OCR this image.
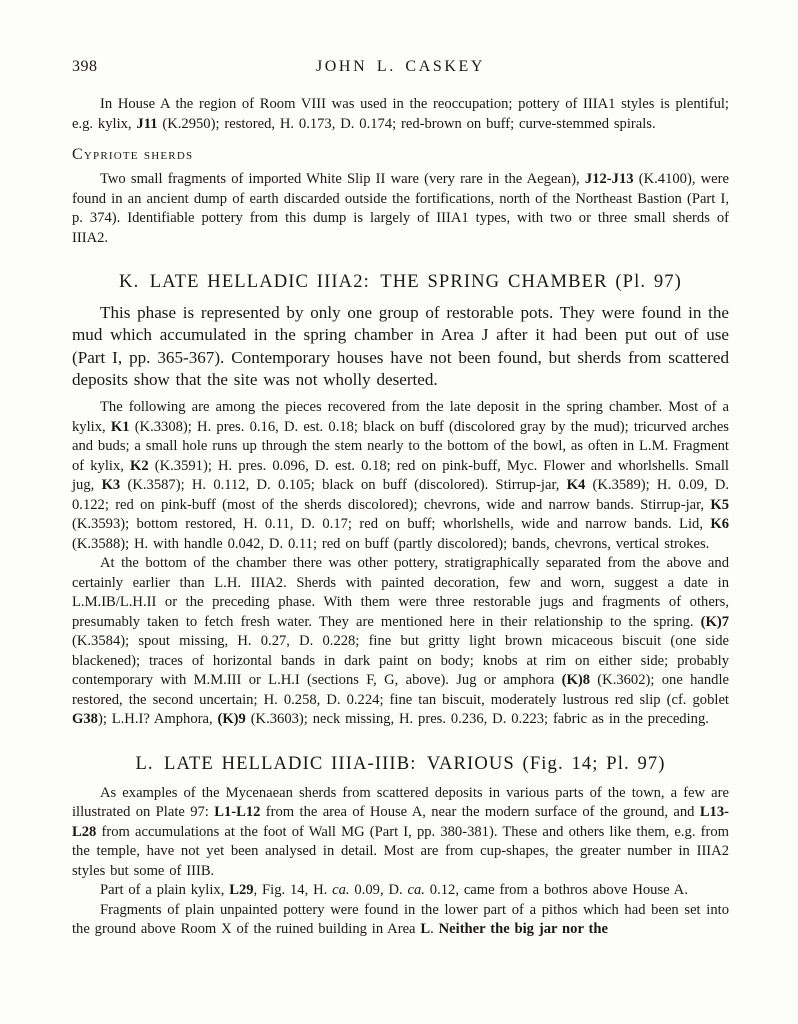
398	JOHN L. CASKEY

In House A the region of Room VIII was used in the reoccupation; pottery of IIIA1 styles is plentiful; e.g. kylix, J11 (K.2950); restored, H. 0.173, D. 0.174; red-brown on buff; curve-stemmed spirals.

Cypriote sherds

Two small fragments of imported White Slip II ware (very rare in the Aegean), J12-J13 (K.4100), were found in an ancient dump of earth discarded outside the fortifications, north of the Northeast Bastion (Part I, p. 374). Identifiable pottery from this dump is largely of IIIA1 types, with two or three small sherds of IIIA2.

K. LATE HELLADIC IIIA2: THE SPRING CHAMBER (Pl. 97)

This phase is represented by only one group of restorable pots. They were found in the mud which accumulated in the spring chamber in Area J after it had been put out of use (Part I, pp. 365-367). Contemporary houses have not been found, but sherds from scattered deposits show that the site was not wholly deserted.

The following are among the pieces recovered from the late deposit in the spring chamber. Most of a kylix, K1 (K.3308); H. pres. 0.16, D. est. 0.18; black on buff (discolored gray by the mud); tricurved arches and buds; a small hole runs up through the stem nearly to the bottom of the bowl, as often in L.M. Fragment of kylix, K2 (K.3591); H. pres. 0.096, D. est. 0.18; red on pink-buff, Myc. Flower and whorlshells. Small jug, K3 (K.3587); H. 0.112, D. 0.105; black on buff (discolored). Stirrup-jar, K4 (K.3589); H. 0.09, D. 0.122; red on pink-buff (most of the sherds discolored); chevrons, wide and narrow bands. Stirrup-jar, K5 (K.3593); bottom restored, H. 0.11, D. 0.17; red on buff; whorlshells, wide and narrow bands. Lid, K6 (K.3588); H. with handle 0.042, D. 0.11; red on buff (partly discolored); bands, chevrons, vertical strokes.

At the bottom of the chamber there was other pottery, stratigraphically separated from the above and certainly earlier than L.H. IIIA2. Sherds with painted decoration, few and worn, suggest a date in L.M.IB/L.H.II or the preceding phase. With them were three restorable jugs and fragments of others, presumably taken to fetch fresh water. They are mentioned here in their relationship to the spring. (K)7 (K.3584); spout missing, H. 0.27, D. 0.228; fine but gritty light brown micaceous biscuit (one side blackened); traces of horizontal bands in dark paint on body; knobs at rim on either side; probably contemporary with M.M.III or L.H.I (sections F, G, above). Jug or amphora (K)8 (K.3602); one handle restored, the second uncertain; H. 0.258, D. 0.224; fine tan biscuit, moderately lustrous red slip (cf. goblet G38); L.H.I? Amphora, (K)9 (K.3603); neck missing, H. pres. 0.236, D. 0.223; fabric as in the preceding.

L. LATE HELLADIC IIIA-IIIB: VARIOUS (Fig. 14; Pl. 97)

As examples of the Mycenaean sherds from scattered deposits in various parts of the town, a few are illustrated on Plate 97: L1-L12 from the area of House A, near the modern surface of the ground, and L13-L28 from accumulations at the foot of Wall MG (Part I, pp. 380-381). These and others like them, e.g. from the temple, have not yet been analysed in detail. Most are from cup-shapes, the greater number in IIIA2 styles but some of IIIB.

Part of a plain kylix, L29, Fig. 14, H. ca. 0.09, D. ca. 0.12, came from a bothros above House A.

Fragments of plain unpainted pottery were found in the lower part of a pithos which had been set into the ground above Room X of the ruined building in Area L. Neither the big jar nor the
